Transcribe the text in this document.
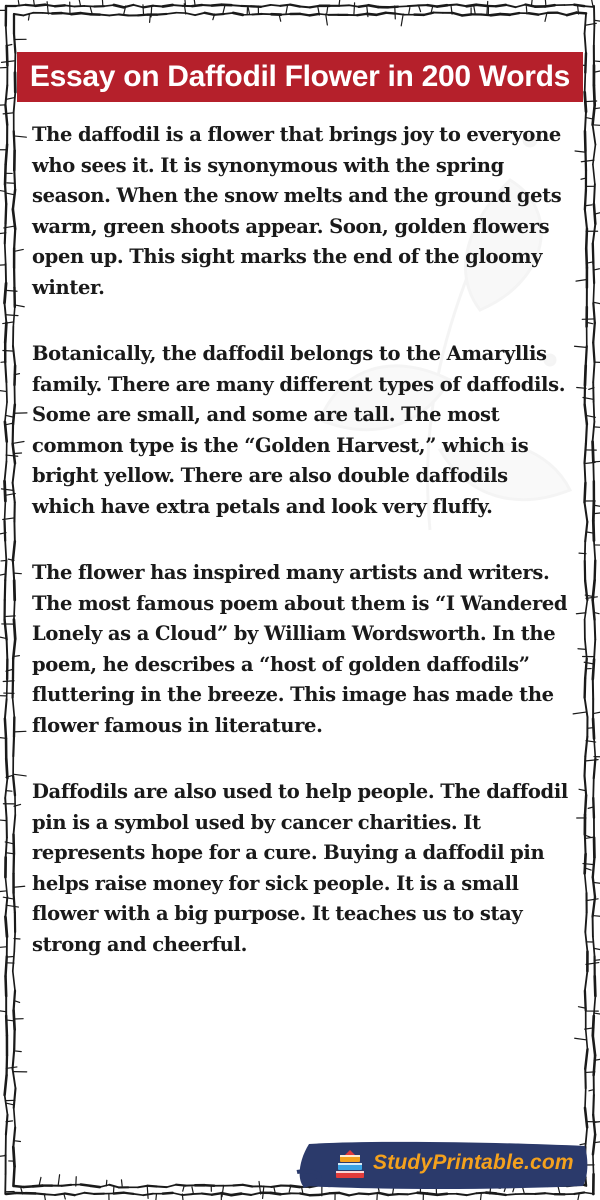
Essay on Daffodil Flower in 200 Words

The daffodil is a flower that brings joy to everyone who sees it. It is synonymous with the spring season. When the snow melts and the ground gets warm, green shoots appear. Soon, golden flowers open up. This sight marks the end of the gloomy winter.

Botanically, the daffodil belongs to the Amaryllis family. There are many different types of daffodils. Some are small, and some are tall. The most common type is the “Golden Harvest,” which is bright yellow. There are also double daffodils which have extra petals and look very fluffy.

The flower has inspired many artists and writers. The most famous poem about them is “I Wandered Lonely as a Cloud” by William Wordsworth. In the poem, he describes a “host of golden daffodils” fluttering in the breeze. This image has made the flower famous in literature.

Daffodils are also used to help people. The daffodil pin is a symbol used by cancer charities. It represents hope for a cure. Buying a daffodil pin helps raise money for sick people. It is a small flower with a big purpose. It teaches us to stay strong and cheerful.

StudyPrintable.com
